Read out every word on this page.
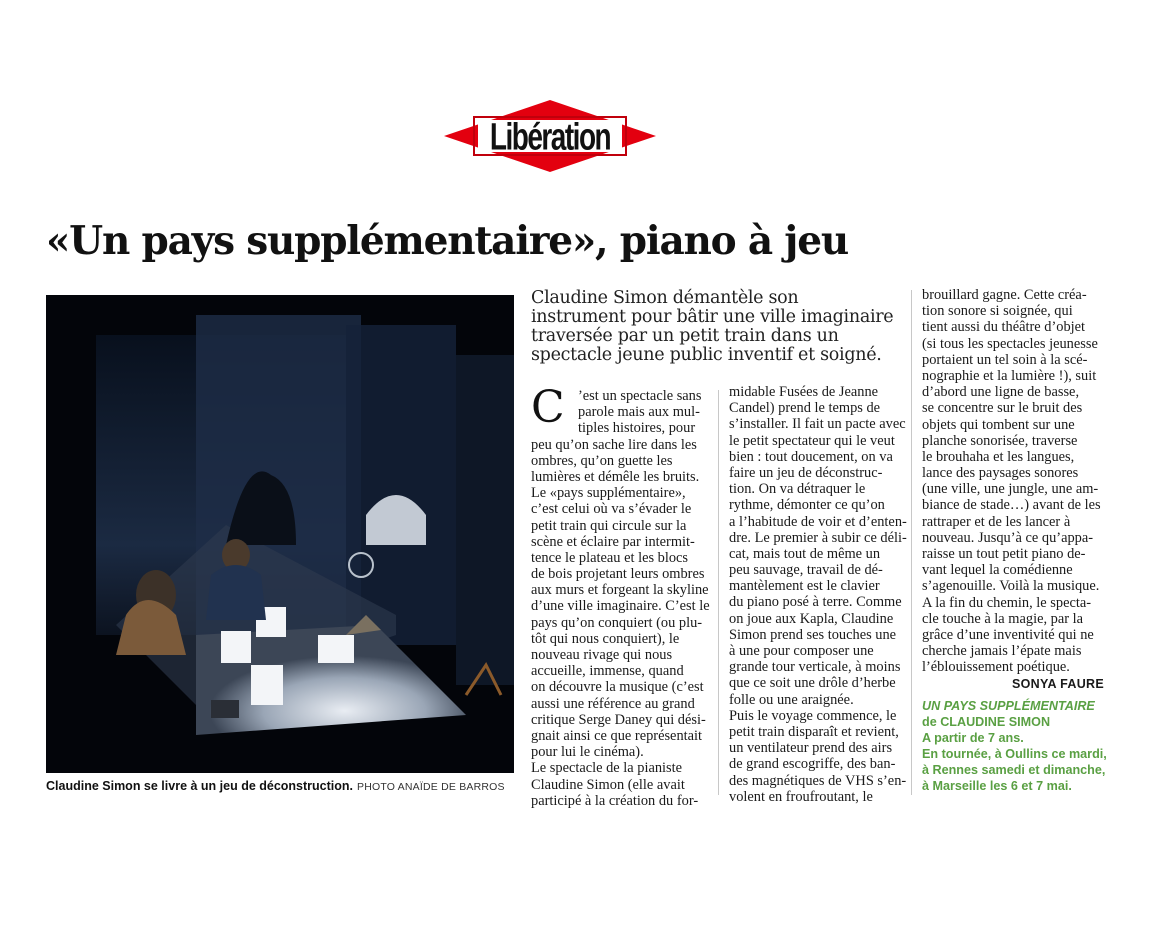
Libération
«Un pays supplémentaire», piano à jeu
Claudine Simon se livre à un jeu de déconstruction. PHOTO ANAÏDE DE BARROS

Claudine Simon démantèle son instrument pour bâtir une ville imaginaire traversée par un petit train dans un spectacle jeune public inventif et soigné.

C ’est un spectacle sans
parole mais aux mul-
tiples histoires, pour
peu qu’on sache lire dans les
ombres, qu’on guette les
lumières et démêle les bruits.
Le «pays supplémentaire»,
c’est celui où va s’évader le
petit train qui circule sur la
scène et éclaire par intermit-
tence le plateau et les blocs
de bois projetant leurs ombres
aux murs et forgeant la skyline
d’une ville imaginaire. C’est le
pays qu’on conquiert (ou plu-
tôt qui nous conquiert), le
nouveau rivage qui nous
accueille, immense, quand
on découvre la musique (c’est
aussi une référence au grand
critique Serge Daney qui dési-
gnait ainsi ce que représentait
pour lui le cinéma).
Le spectacle de la pianiste
Claudine Simon (elle avait
participé à la création du for-
midable Fusées de Jeanne
Candel) prend le temps de
s’installer. Il fait un pacte avec
le petit spectateur qui le veut
bien : tout doucement, on va
faire un jeu de déconstruc-
tion. On va détraquer le
rythme, démonter ce qu’on
a l’habitude de voir et d’enten-
dre. Le premier à subir ce déli-
cat, mais tout de même un
peu sauvage, travail de dé-
mantèlement est le clavier
du piano posé à terre. Comme
on joue aux Kapla, Claudine
Simon prend ses touches une
à une pour composer une
grande tour verticale, à moins
que ce soit une drôle d’herbe
folle ou une araignée.
Puis le voyage commence, le
petit train disparaît et revient,
un ventilateur prend des airs
de grand escogriffe, des ban-
des magnétiques de VHS s’en-
volent en froufroutant, le
brouillard gagne. Cette créa-
tion sonore si soignée, qui
tient aussi du théâtre d’objet
(si tous les spectacles jeunesse
portaient un tel soin à la scé-
nographie et la lumière !), suit
d’abord une ligne de basse,
se concentre sur le bruit des
objets qui tombent sur une
planche sonorisée, traverse
le brouhaha et les langues,
lance des paysages sonores
(une ville, une jungle, une am-
biance de stade…) avant de les
rattraper et de les lancer à
nouveau. Jusqu’à ce qu’appa-
raisse un tout petit piano de-
vant lequel la comédienne
s’agenouille. Voilà la musique.
A la fin du chemin, le specta-
cle touche à la magie, par la
grâce d’une inventivité qui ne
cherche jamais l’épate mais
l’éblouissement poétique.
SONYA FAURE
UN PAYS SUPPLÉMENTAIRE
de CLAUDINE SIMON
A partir de 7 ans.
En tournée, à Oullins ce mardi,
à Rennes samedi et dimanche,
à Marseille les 6 et 7 mai.
